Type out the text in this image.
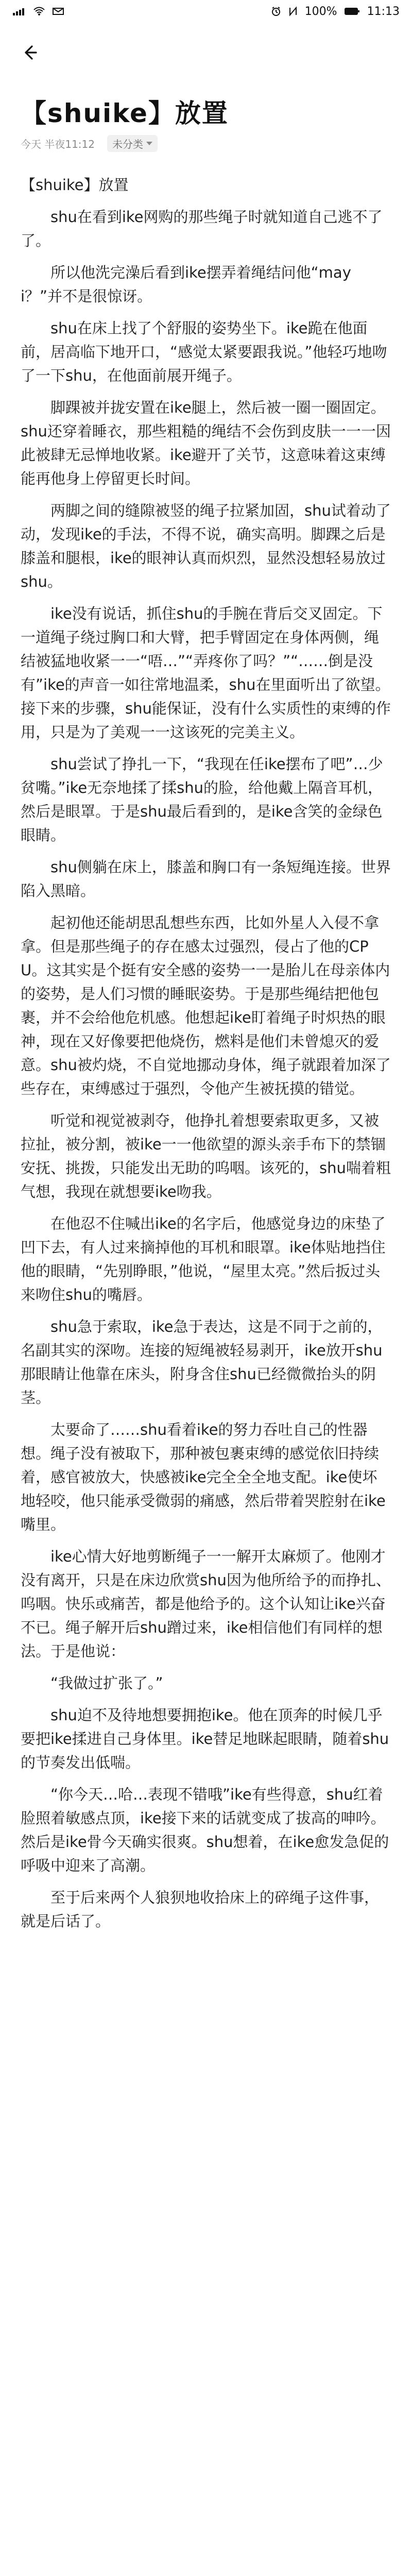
100%	11:13
【shuike】放置
今天 半夜11:12 未分类

【shuike】放置

shu在看到ike网购的那些绳子时就知道自己逃不了了。

所以他洗完澡后看到ike摆弄着绳结问他“may i？”并不是很惊讶。

shu在床上找了个舒服的姿势坐下。ike跪在他面前，居高临下地开口，“感觉太紧要跟我说。”他轻巧地吻了一下shu，在他面前展开绳子。

脚踝被并拢安置在ike腿上，然后被一圈一圈固定。shu还穿着睡衣，那些粗糙的绳结不会伤到皮肤一一一因此被肆无忌惮地收紧。ike避开了关节，这意味着这束缚能再他身上停留更长时间。

两脚之间的缝隙被竖的绳子拉紧加固，shu试着动了动，发现ike的手法，不得不说，确实高明。脚踝之后是膝盖和腿根，ike的眼神认真而炽烈，显然没想轻易放过shu。

ike没有说话，抓住shu的手腕在背后交叉固定。下一道绳子绕过胸口和大臂，把手臂固定在身体两侧，绳结被猛地收紧一一“唔…”“弄疼你了吗？”“……倒是没有”ike的声音一如往常地温柔，shu在里面听出了欲望。接下来的步骤，shu能保证，没有什么实质性的束缚的作用，只是为了美观一一这该死的完美主义。

shu尝试了挣扎一下，“我现在任ike摆布了吧”…少贫嘴。”ike无奈地揉了揉shu的脸，给他戴上隔音耳机，然后是眼罩。于是shu最后看到的，是ike含笑的金绿色眼睛。

shu侧躺在床上，膝盖和胸口有一条短绳连接。世界陷入黑暗。

起初他还能胡思乱想些东西，比如外星人入侵不拿拿。但是那些绳子的存在感太过强烈，侵占了他的CPU。这其实是个挺有安全感的姿势一一是胎儿在母亲体内的姿势，是人们习惯的睡眠姿势。于是那些绳结把他包裹，并不会给他危机感。他想起ike盯着绳子时炽热的眼神，现在又好像要把他烧伤，燃料是他们未曾熄灭的爱意。shu被灼烧，不自觉地挪动身体，绳子就跟着加深了些存在，束缚感过于强烈，令他产生被抚摸的错觉。

听觉和视觉被剥夺，他挣扎着想要索取更多，又被拉扯，被分割，被ike一一他欲望的源头亲手布下的禁锢安抚、挑拨，只能发出无助的呜咽。该死的，shu喘着粗气想，我现在就想要ike吻我。

在他忍不住喊出ike的名字后，他感觉身边的床垫了凹下去，有人过来摘掉他的耳机和眼罩。ike体贴地挡住他的眼睛，“先别睁眼，”他说，“屋里太亮。”然后扳过头来吻住shu的嘴唇。

shu急于索取，ike急于表达，这是不同于之前的，名副其实的深吻。连接的短绳被轻易剥开，ike放开shu那眼睛让他靠在床头，附身含住shu已经微微抬头的阴茎。

太要命了……shu看着ike的努力吞吐自己的性器想。绳子没有被取下，那种被包裹束缚的感觉依旧持续着，感官被放大，快感被ike完全全全地支配。ike使坏地轻咬，他只能承受微弱的痛感，然后带着哭腔射在ike嘴里。

ike心情大好地剪断绳子一一解开太麻烦了。他刚才没有离开，只是在床边欣赏shu因为他所给予的而挣扎、呜咽。快乐或痛苦，都是他给予的。这个认知让ike兴奋不已。绳子解开后shu蹭过来，ike相信他们有同样的想法。于是他说：

“我做过扩张了。”

shu迫不及待地想要拥抱ike。他在顶奔的时候几乎要把ike揉进自己身体里。ike替足地眯起眼睛，随着shu的节奏发出低喘。

“你今天…哈…表现不错哦”ike有些得意，shu红着脸照着敏感点顶，ike接下来的话就变成了拔高的呻吟。然后是ike骨今天确实很爽。shu想着，在ike愈发急促的呼吸中迎来了高潮。

至于后来两个人狼狈地收拾床上的碎绳子这件事，就是后话了。
